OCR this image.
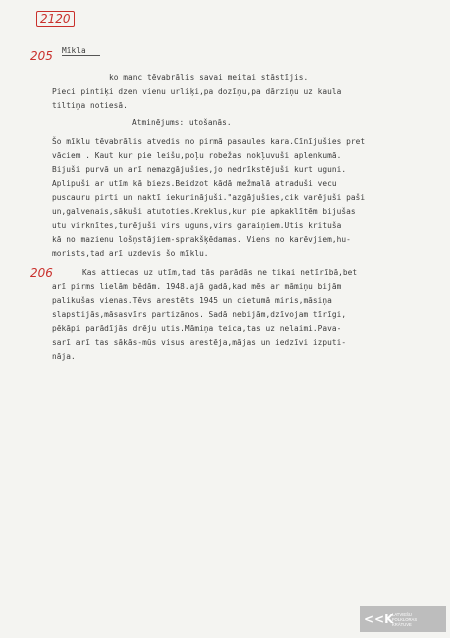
2120
205 Mīkla
ko manc tēvabrālis savai meitai stāstījis.
Pieci pintiķi dzen vienu urliķi,pa dozīņu,pa dārziņu uz kaula
tiltiņa notiesā.
Atminējums: utošanās.
Šo mīklu tēvabrālis atvedis no pirmā pasaules kara.Cīnījušies pret
vāciem . Kaut kur pie leišu,poļu robežas nokļuvuši aplenkumā.
Bijuši purvā un arī nemazgājušies,jo nedrīkstējuši kurt uguni.
Aplipuši ar utīm kā biezs.Beidzot kādā mežmalā atraduši vecu
puscauru pirti un naktī iekurinājuši."azgājušies,cik varējuši paši
un,galvenais,sākuši atutoties.Kreklus,kur pie apkaklītēm bijušas
utu virknītes,turējuši virs uguns,virs garaiņiem.Utis krituša
kā no mazienu lošņstājiem-sprakšķēdamas. Viens no karēvjiem,hu-
morists,tad arī uzdevis šo mīklu.
206	Kas attiecas uz utīm,tad tās parādās ne tikai netīrībā,bet
arī pirms lielām bēdām. 1948.ajā gadā,kad mēs ar māmiņu bijām
palikušas vienas.Tēvs arestēts 1945 un cietumā miris,māsiņa
slapstijās,māsasvīrs partizānos. Sadā nebijām,dzīvojam tīrīgi,
pēkāpi parādījās drēju utis.Māmiņa teica,tas uz nelaimi.Pava-
sarī arī tas sākās-mūs visus arestēja,mājas un iedzīvi izputi-
nāja.
<<K
LATVIEŠU
FOLKLORAS
KRĀTUVE
